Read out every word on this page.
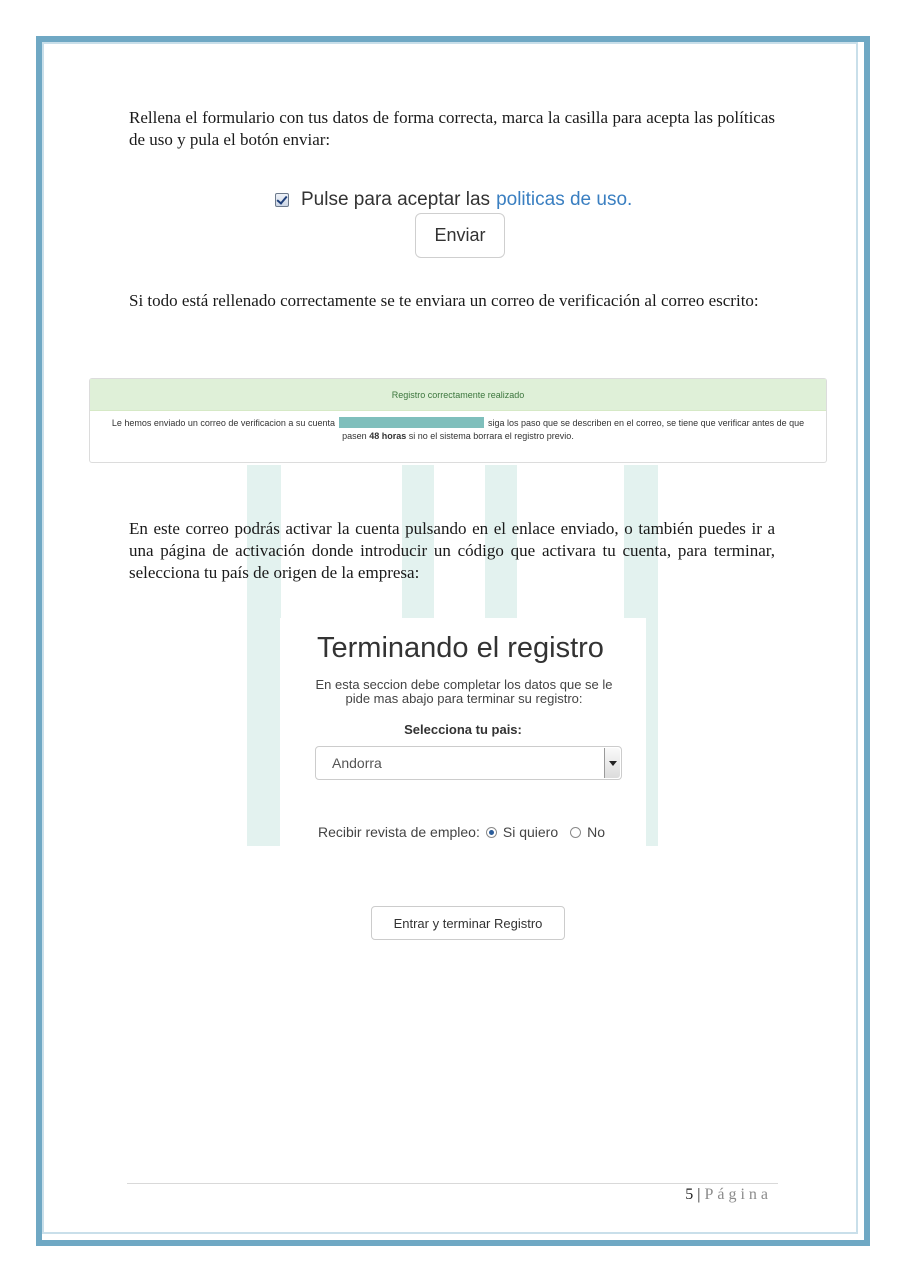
Rellena el formulario con tus datos de forma correcta, marca la casilla para acepta las políticas de uso y pula el botón enviar:

Pulse para aceptar las politicas de uso.
Enviar

Si todo está rellenado correctamente se te enviara un correo de verificación al correo escrito:

Registro correctamente realizado
Le hemos enviado un correo de verificacion a su cuenta	siga los paso que se describen en el correo, se tiene que verificar antes de que pasen 48 horas si no el sistema borrara el registro previo.

En este correo podrás activar la cuenta pulsando en el enlace enviado, o también puedes ir a una página de activación donde introducir un código que activara tu cuenta, para terminar, selecciona tu país de origen de la empresa:

Terminando el registro
En esta seccion debe completar los datos que se le pide mas abajo para terminar su registro:
Selecciona tu pais:
Andorra
Recibir revista de empleo: Si quiero No
Entrar y terminar Registro
5 | Página
